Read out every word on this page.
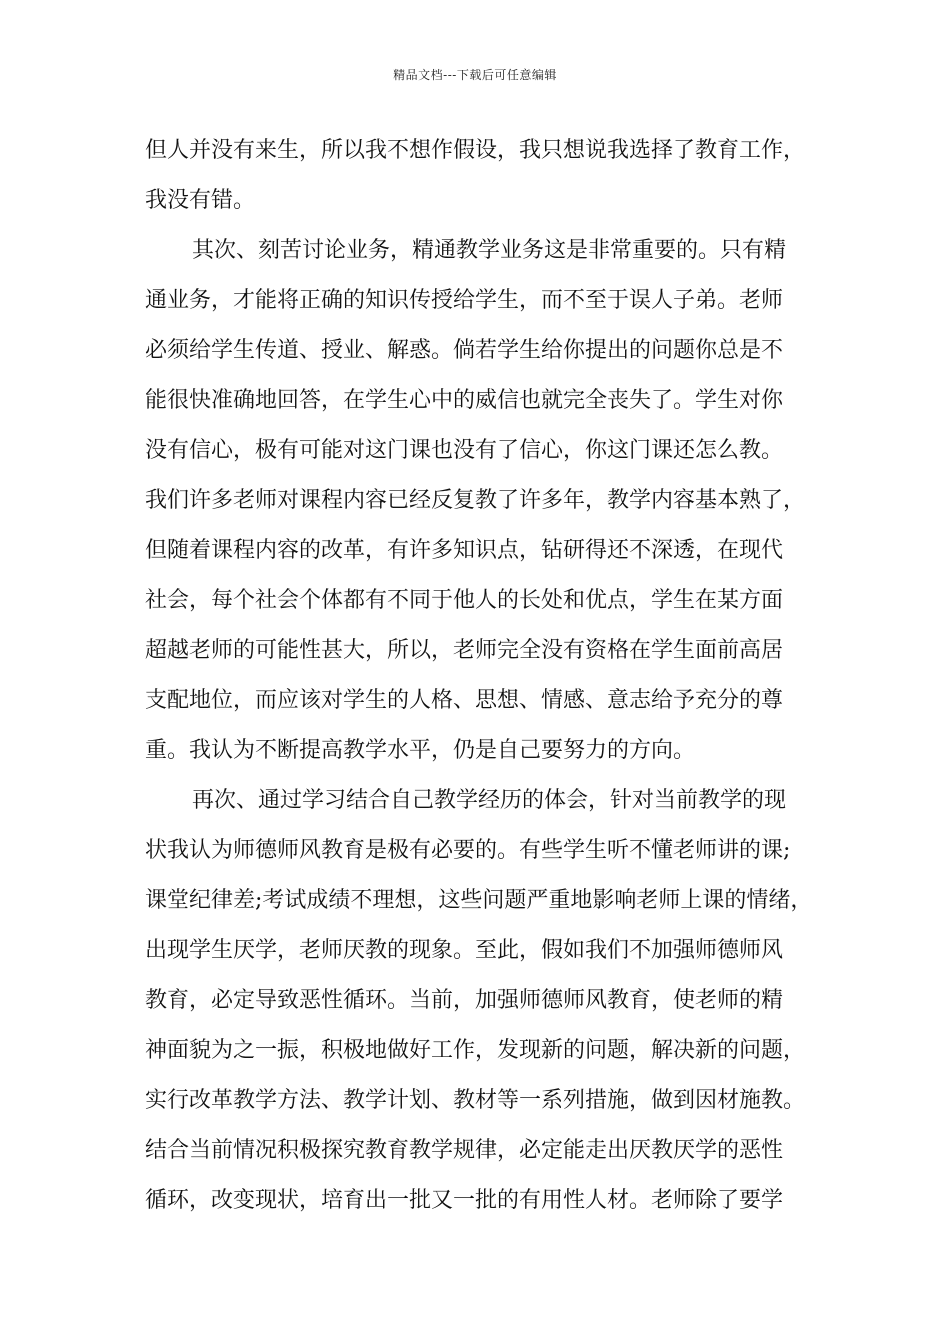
精品文档---下载后可任意编辑
但人并没有来生，所以我不想作假设，我只想说我选择了教育工作，
我没有错。
其次、刻苦讨论业务，精通教学业务这是非常重要的。只有精
通业务，才能将正确的知识传授给学生，而不至于误人子弟。老师
必须给学生传道、授业、解惑。倘若学生给你提出的问题你总是不
能很快准确地回答，在学生心中的威信也就完全丧失了。学生对你
没有信心，极有可能对这门课也没有了信心，你这门课还怎么教。
我们许多老师对课程内容已经反复教了许多年，教学内容基本熟了，
但随着课程内容的改革，有许多知识点，钻研得还不深透，在现代
社会，每个社会个体都有不同于他人的长处和优点，学生在某方面
超越老师的可能性甚大，所以，老师完全没有资格在学生面前高居
支配地位，而应该对学生的人格、思想、情感、意志给予充分的尊
重。我认为不断提高教学水平，仍是自己要努力的方向。
再次、通过学习结合自己教学经历的体会，针对当前教学的现
状我认为师德师风教育是极有必要的。有些学生听不懂老师讲的课;
课堂纪律差;考试成绩不理想，这些问题严重地影响老师上课的情绪，
出现学生厌学，老师厌教的现象。至此，假如我们不加强师德师风
教育，必定导致恶性循环。当前，加强师德师风教育，使老师的精
神面貌为之一振，积极地做好工作，发现新的问题，解决新的问题，
实行改革教学方法、教学计划、教材等一系列措施，做到因材施教。
结合当前情况积极探究教育教学规律，必定能走出厌教厌学的恶性
循环，改变现状，培育出一批又一批的有用性人材。老师除了要学
